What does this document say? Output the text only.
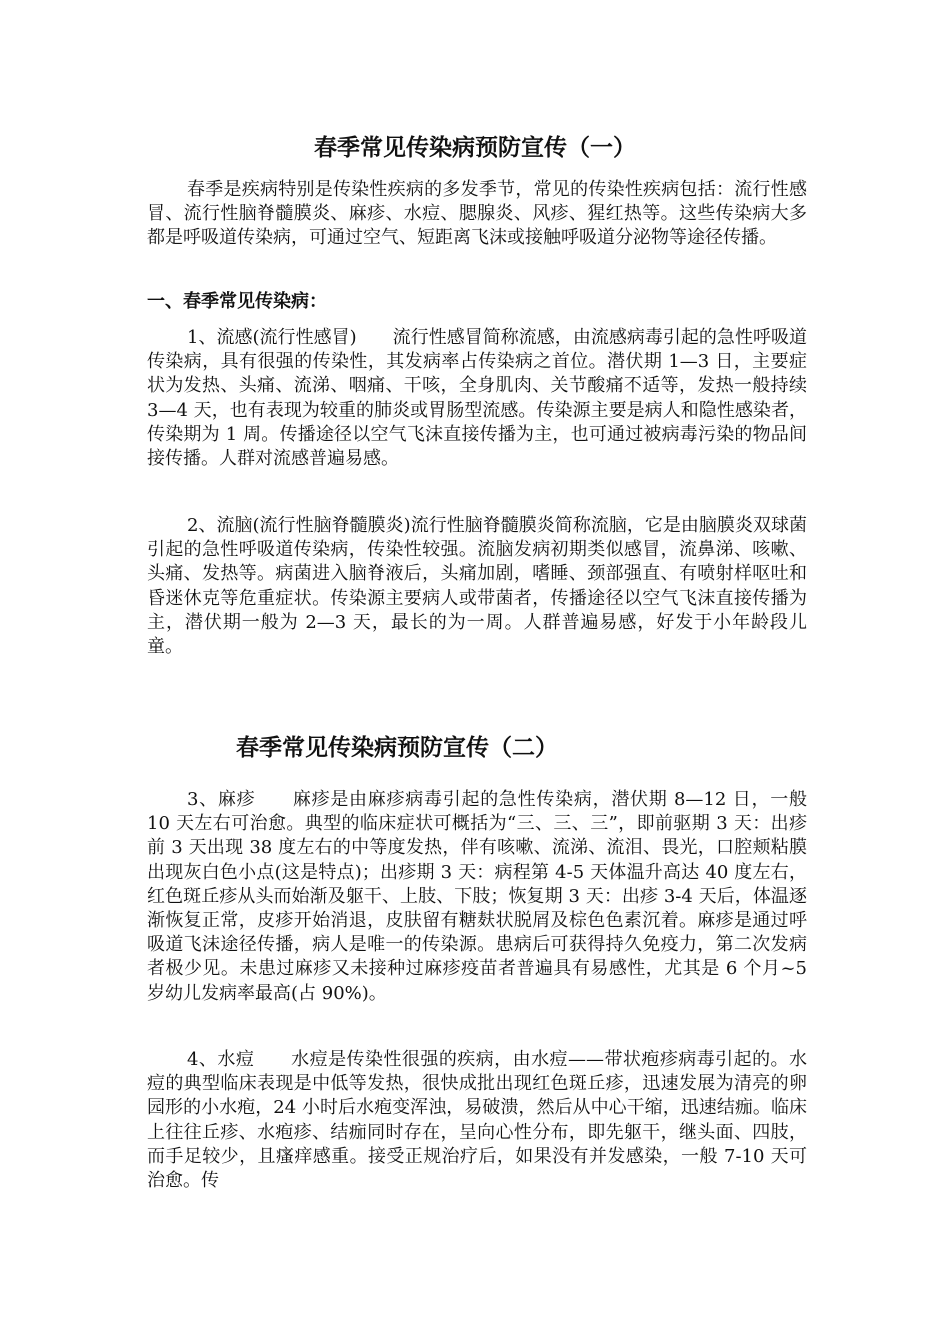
春季常见传染病预防宣传（一）

春季是疾病特别是传染性疾病的多发季节，常见的传染性疾病包括：流行性感冒、流行性脑脊髓膜炎、麻疹、水痘、腮腺炎、风疹、猩红热等。这些传染病大多都是呼吸道传染病，可通过空气、短距离飞沫或接触呼吸道分泌物等途径传播。

一、春季常见传染病：

1、流感(流行性感冒)　　流行性感冒简称流感，由流感病毒引起的急性呼吸道传染病，具有很强的传染性，其发病率占传染病之首位。潜伏期 1—3 日，主要症状为发热、头痛、流涕、咽痛、干咳，全身肌肉、关节酸痛不适等，发热一般持续 3—4 天，也有表现为较重的肺炎或胃肠型流感。传染源主要是病人和隐性感染者，传染期为 1 周。传播途径以空气飞沫直接传播为主，也可通过被病毒污染的物品间接传播。人群对流感普遍易感。

2、流脑(流行性脑脊髓膜炎)流行性脑脊髓膜炎简称流脑，它是由脑膜炎双球菌引起的急性呼吸道传染病，传染性较强。流脑发病初期类似感冒，流鼻涕、咳嗽、头痛、发热等。病菌进入脑脊液后，头痛加剧，嗜睡、颈部强直、有喷射样呕吐和昏迷休克等危重症状。传染源主要病人或带菌者，传播途径以空气飞沫直接传播为主，潜伏期一般为 2—3 天，最长的为一周。人群普遍易感，好发于小年龄段儿童。

春季常见传染病预防宣传（二）

3、麻疹　　麻疹是由麻疹病毒引起的急性传染病，潜伏期 8—12 日，一般 10 天左右可治愈。典型的临床症状可概括为“三、三、三”，即前驱期 3 天：出疹前 3 天出现 38 度左右的中等度发热，伴有咳嗽、流涕、流泪、畏光，口腔颊粘膜出现灰白色小点(这是特点)；出疹期 3 天：病程第 4-5 天体温升高达 40 度左右，红色斑丘疹从头而始渐及躯干、上肢、下肢；恢复期 3 天：出疹 3-4 天后，体温逐渐恢复正常，皮疹开始消退，皮肤留有糖麸状脱屑及棕色色素沉着。麻疹是通过呼吸道飞沫途径传播，病人是唯一的传染源。患病后可获得持久免疫力，第二次发病者极少见。未患过麻疹又未接种过麻疹疫苗者普遍具有易感性，尤其是 6 个月~5 岁幼儿发病率最高(占 90%)。

4、水痘　　水痘是传染性很强的疾病，由水痘——带状疱疹病毒引起的。水痘的典型临床表现是中低等发热，很快成批出现红色斑丘疹，迅速发展为清亮的卵园形的小水疱，24 小时后水疱变浑浊，易破溃，然后从中心干缩，迅速结痂。临床上往往丘疹、水疱疹、结痂同时存在，呈向心性分布，即先躯干，继头面、四肢，而手足较少，且瘙痒感重。接受正规治疗后，如果没有并发感染，一般 7-10 天可治愈。传
